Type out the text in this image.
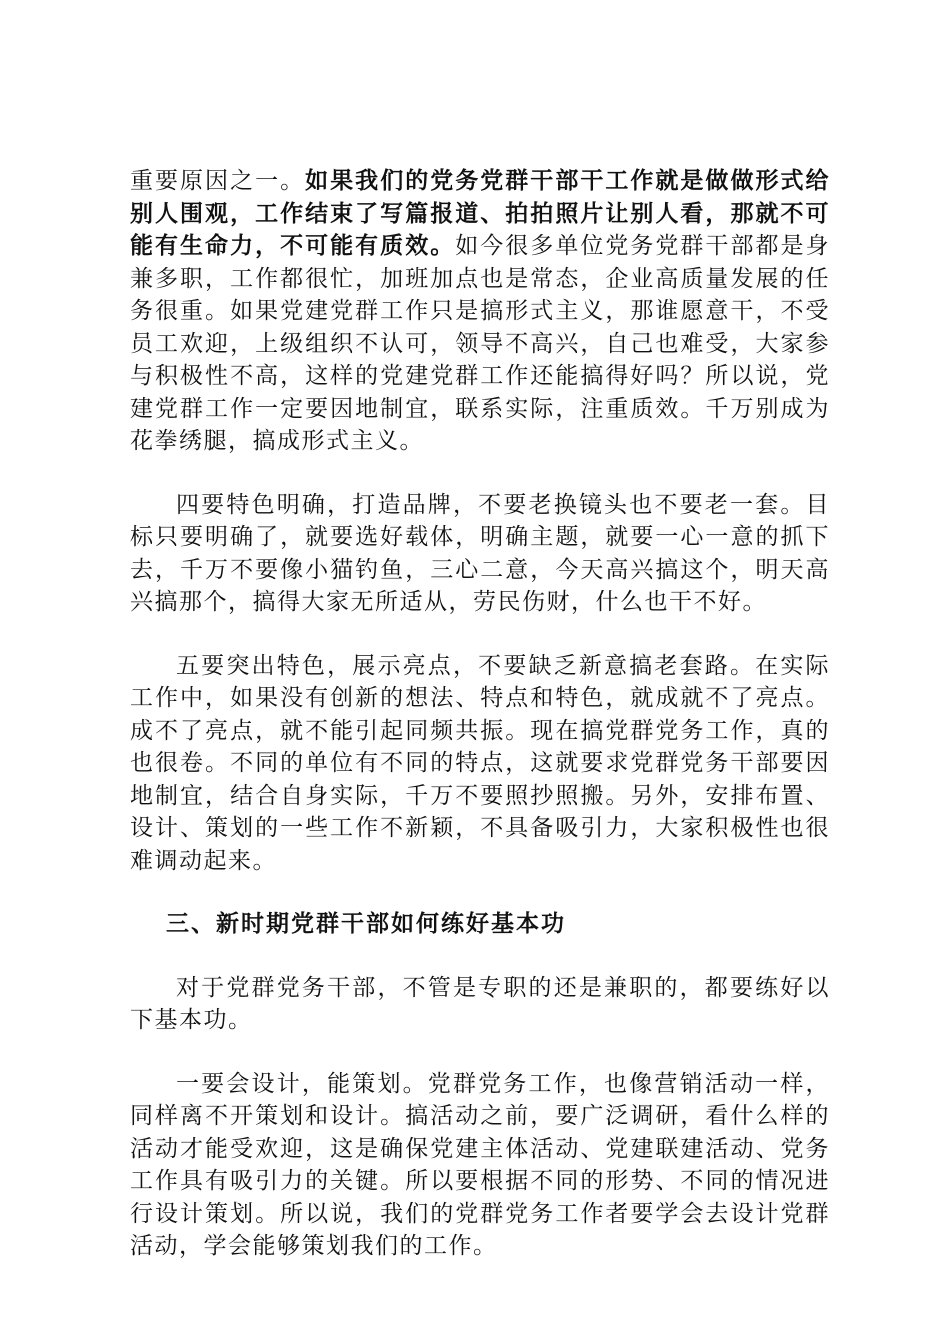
重要原因之一。如果我们的党务党群干部干工作就是做做形式给别人围观，工作结束了写篇报道、拍拍照片让别人看，那就不可能有生命力，不可能有质效。如今很多单位党务党群干部都是身兼多职，工作都很忙，加班加点也是常态，企业高质量发展的任务很重。如果党建党群工作只是搞形式主义，那谁愿意干，不受员工欢迎，上级组织不认可，领导不高兴，自己也难受，大家参与积极性不高，这样的党建党群工作还能搞得好吗？所以说，党建党群工作一定要因地制宜，联系实际，注重质效。千万别成为花拳绣腿，搞成形式主义。

四要特色明确，打造品牌，不要老换镜头也不要老一套。目标只要明确了，就要选好载体，明确主题，就要一心一意的抓下去，千万不要像小猫钓鱼，三心二意，今天高兴搞这个，明天高兴搞那个，搞得大家无所适从，劳民伤财，什么也干不好。

五要突出特色，展示亮点，不要缺乏新意搞老套路。在实际工作中，如果没有创新的想法、特点和特色，就成就不了亮点。成不了亮点，就不能引起同频共振。现在搞党群党务工作，真的也很卷。不同的单位有不同的特点，这就要求党群党务干部要因地制宜，结合自身实际，千万不要照抄照搬。另外，安排布置、设计、策划的一些工作不新颖，不具备吸引力，大家积极性也很难调动起来。

三、新时期党群干部如何练好基本功

对于党群党务干部，不管是专职的还是兼职的，都要练好以下基本功。

一要会设计，能策划。党群党务工作，也像营销活动一样，同样离不开策划和设计。搞活动之前，要广泛调研，看什么样的活动才能受欢迎，这是确保党建主体活动、党建联建活动、党务工作具有吸引力的关键。所以要根据不同的形势、不同的情况进行设计策划。所以说，我们的党群党务工作者要学会去设计党群活动，学会能够策划我们的工作。
